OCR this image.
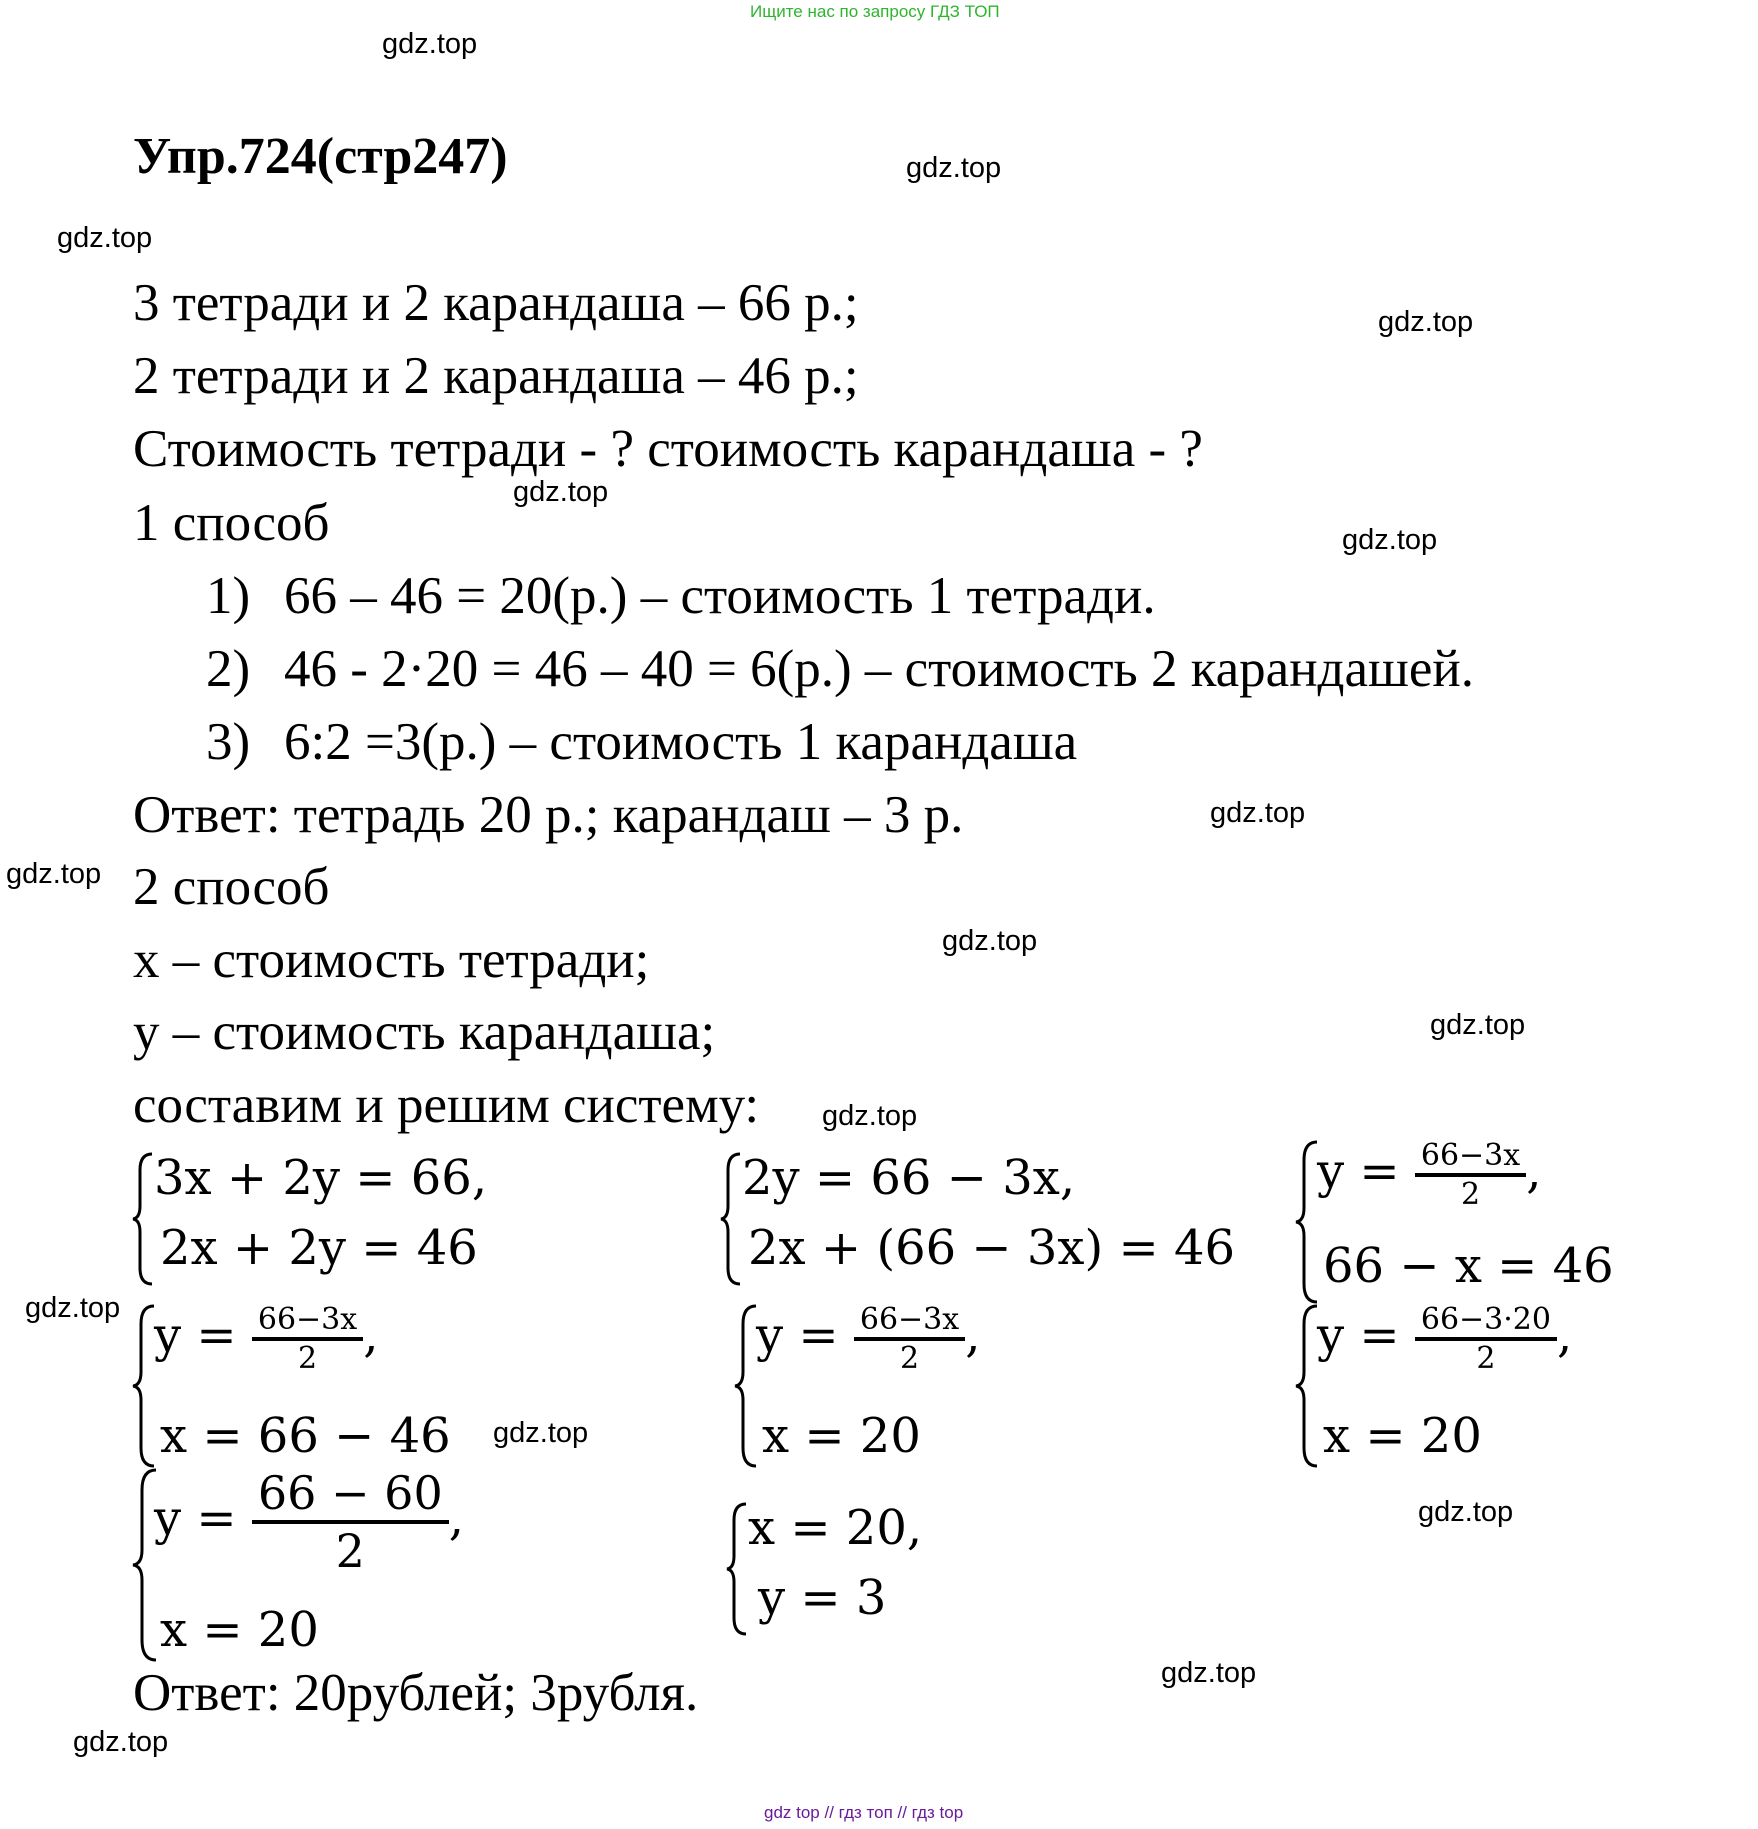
Ищите нас по запросу ГДЗ ТОП
gdz.top
gdz.top
gdz.top
gdz.top
gdz.top
gdz.top
gdz.top
gdz.top
gdz.top
gdz.top
gdz.top
gdz.top
gdz.top
gdz.top
gdz.top
gdz.top
Упр.724(стр247)
3 тетради и 2 карандаша – 66 р.;
2 тетради и 2 карандаша – 46 р.;
Стоимость тетради - ? стоимость карандаша - ?
1 способ
1) 66 – 46 = 20(р.) – стоимость 1 тетради.
2) 46 - 2·20 = 46 – 40 = 6(р.) – стоимость 2 карандашей.
3) 6:2 =3(р.) – стоимость 1 карандаша
Ответ: тетрадь 20 р.; карандаш – 3 р.
2 способ
x – стоимость тетради;
y – стоимость карандаша;
составим и решим систему:
3x + 2y = 66,
2x + 2y = 46
2y = 66 − 3x,
2x + (66 − 3x) = 46
$y = \frac{66-3x}{2}$ ,
66 − x = 46
$y = \frac{66-3x}{2}$ ,
x = 66 − 46
$y = \frac{66-3x}{2}$ ,
x = 20
$y = \frac{66-3\cdot 20}{2}$ ,
x = 20
$y = \frac{66 - 60}{2}$ ,
x = 20
x = 20,
y = 3
Ответ: 20рублей; 3рубля.
gdz top // гдз топ // гдз top
